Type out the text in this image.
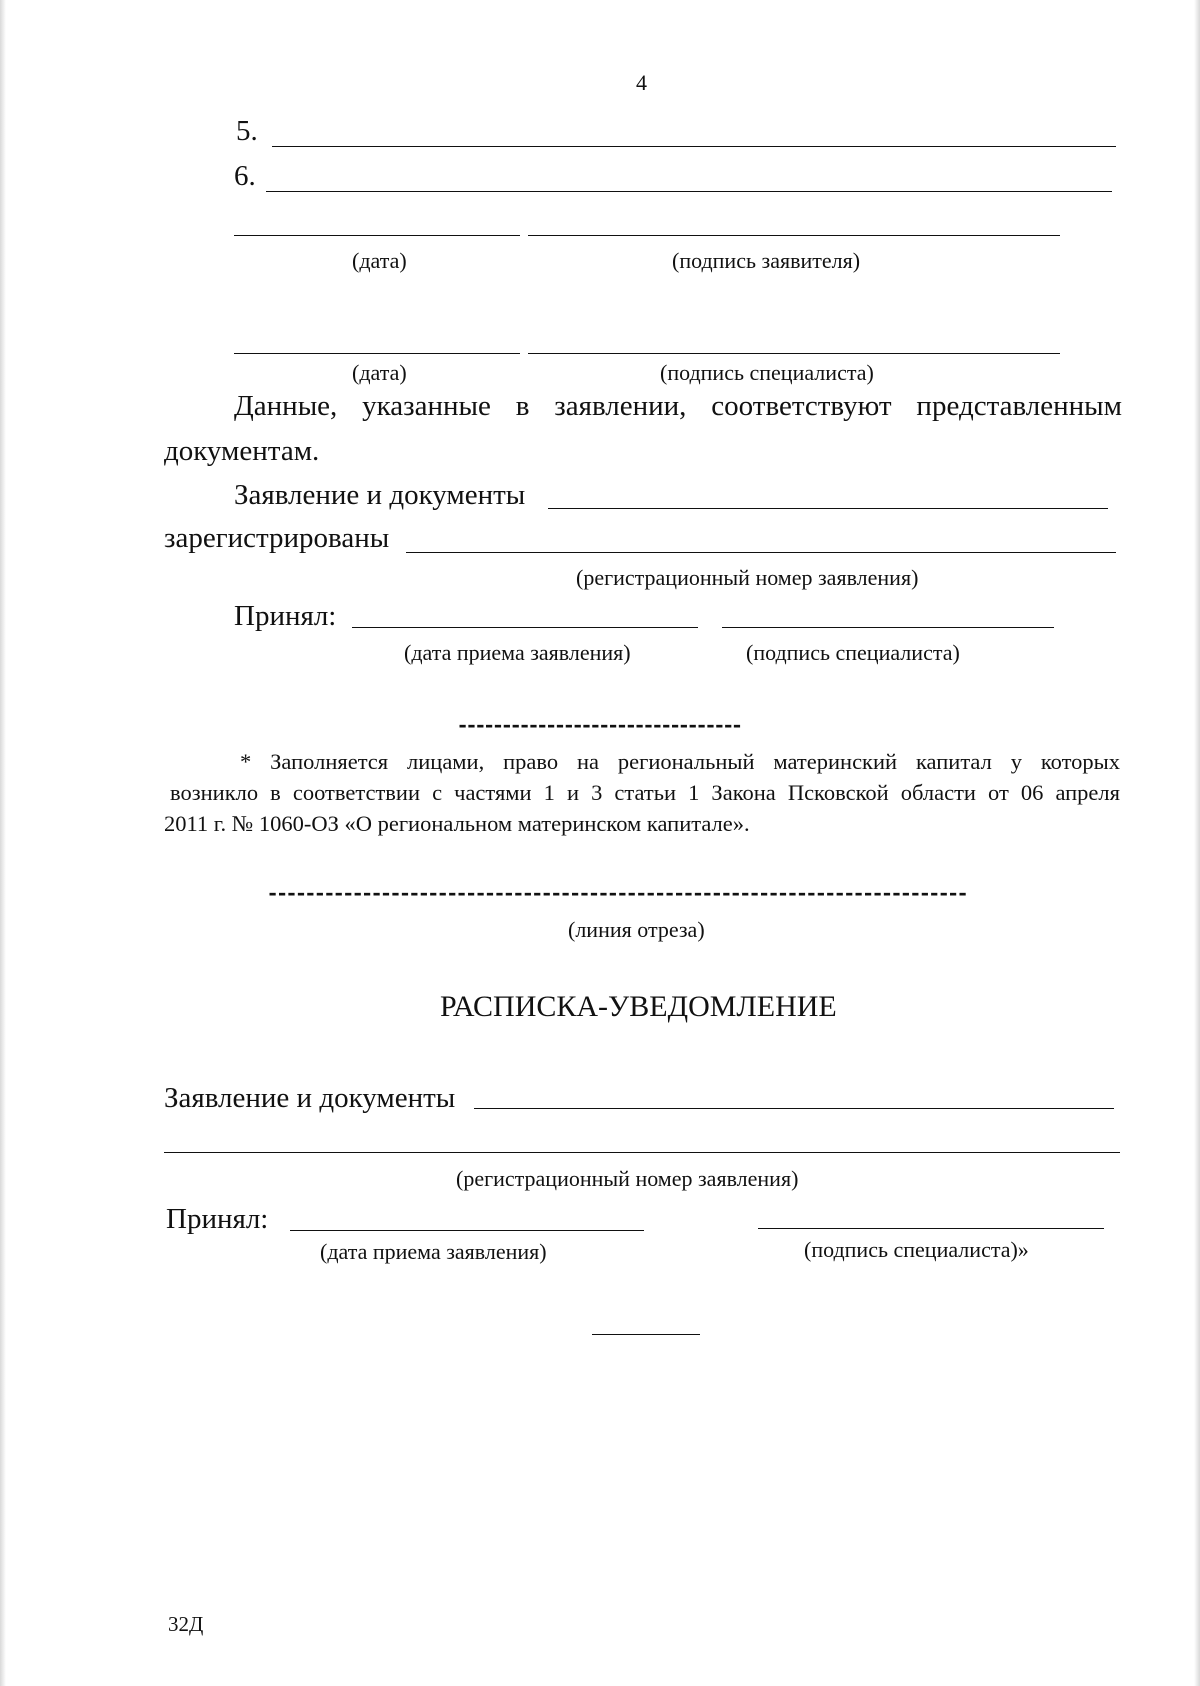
4
5.
6.
(дата)	(подпись заявителя)
(дата)	(подпись специалиста)
Данные, указанные в заявлении, соответствуют представленным
документам.
Заявление и документы
зарегистрированы
(регистрационный номер заявления)
Принял:
(дата приема заявления)	(подпись специалиста)
--------------------------------
* Заполняется лицами, право на региональный материнский капитал у которых
возникло в соответствии с частями 1 и 3 статьи 1 Закона Псковской области от 06 апреля
2011 г. № 1060-ОЗ «О региональном материнском капитале».
--------------------------------------------------------------------------
(линия отреза)
РАСПИСКА-УВЕДОМЛЕНИЕ
Заявление и документы
(регистрационный номер заявления)
Принял:
(дата приема заявления)	(подпись специалиста)»
32Д
